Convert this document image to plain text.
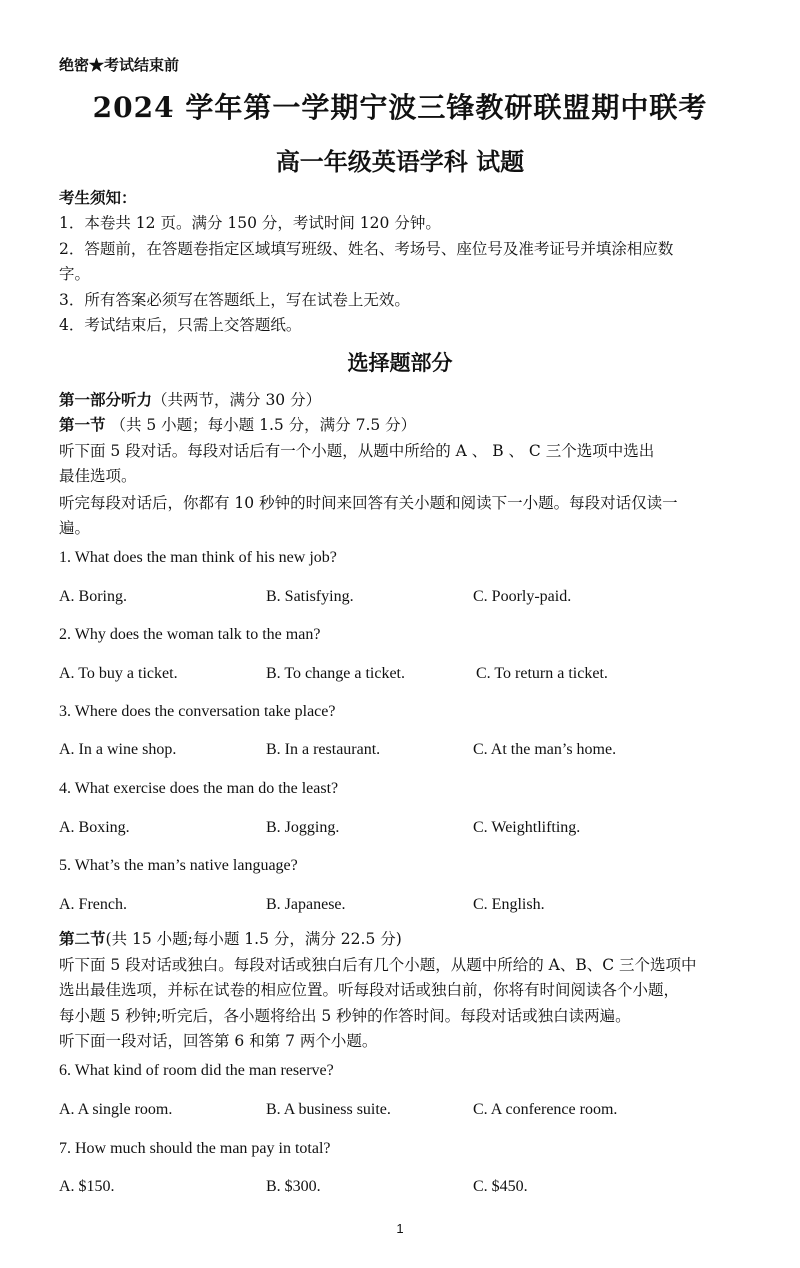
绝密★考试结束前
2024 学年第一学期宁波三锋教研联盟期中联考
高一年级英语学科 试题
考生须知：
1．本卷共 12 页。满分 150 分，考试时间 120 分钟。
2．答题前，在答题卷指定区域填写班级、姓名、考场号、座位号及准考证号并填涂相应数
字。
3．所有答案必须写在答题纸上，写在试卷上无效。
4．考试结束后，只需上交答题纸。
选择题部分
第一部分听力（共两节，满分 30 分）
第一节 （共 5 小题；每小题 1.5 分，满分 7.5 分）
听下面 5 段对话。每段对话后有一个小题，从题中所给的 A 、 B 、 C 三个选项中选出
最佳选项。
听完每段对话后，你都有 10 秒钟的时间来回答有关小题和阅读下一小题。每段对话仅读一
遍。
1. What does the man think of his new job?
A. Boring.	B. Satisfying.	C. Poorly-paid.
2. Why does the woman talk to the man?
A. To buy a ticket.	B. To change a ticket.	C. To return a ticket.
3. Where does the conversation take place?
A. In a wine shop.	B. In a restaurant.	C. At the man’s home.
4. What exercise does the man do the least?
A. Boxing.	B. Jogging.	C. Weightlifting.
5. What’s the man’s native language?
A. French.	B. Japanese.	C. English.
第二节(共 15 小题;每小题 1.5 分，满分 22.5 分)
听下面 5 段对话或独白。每段对话或独白后有几个小题，从题中所给的 A、B、C 三个选项中
选出最佳选项，并标在试卷的相应位置。听每段对话或独白前，你将有时间阅读各个小题，
每小题 5 秒钟;听完后，各小题将给出 5 秒钟的作答时间。每段对话或独白读两遍。
听下面一段对话，回答第 6 和第 7 两个小题。
6. What kind of room did the man reserve?
A. A single room.	B. A business suite.	C. A conference room.
7. How much should the man pay in total?
A. $150.	B. $300.	C. $450.
1
